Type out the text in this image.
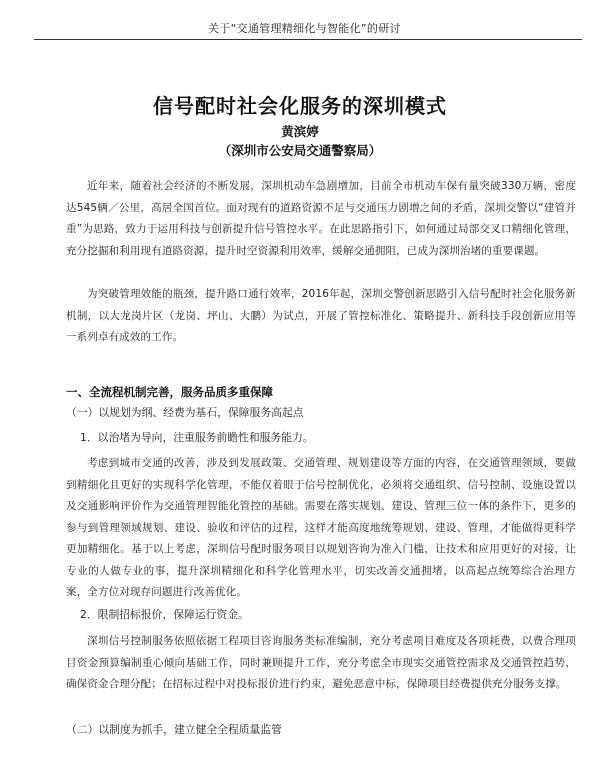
关于“交通管理精细化与智能化”的研讨
信号配时社会化服务的深圳模式
黄滨婷
（深圳市公安局交通警察局）

近年来，随着社会经济的不断发展，深圳机动车急剧增加，目前全市机动车保有量突破330万辆，密度达545辆／公里，高居全国首位。面对现有的道路资源不足与交通压力剧增之间的矛盾，深圳交警以“建管并重”为思路，致力于运用科技与创新提升信号管控水平。在此思路指引下，如何通过局部交叉口精细化管理，充分挖掘和利用现有道路资源，提升时空资源利用效率，缓解交通拥阻，已成为深圳治堵的重要课题。

为突破管理效能的瓶颈，提升路口通行效率，2016年起，深圳交警创新思路引入信号配时社会化服务新机制，以大龙岗片区（龙岗、坪山、大鹏）为试点，开展了管控标准化、策略提升、新科技手段创新应用等一系列卓有成效的工作。

一、全流程机制完善，服务品质多重保障
（一）以规划为纲、经费为基石，保障服务高起点
1．以治堵为导向，注重服务前瞻性和服务能力。

考虑到城市交通的改善，涉及到发展政策、交通管理、规划建设等方面的内容，在交通管理领域，要做到精细化且更好的实现科学化管理，不能仅着眼于信号控制优化，必须将交通组织、信号控制、设施设置以及交通影响评价作为交通管理智能化管控的基础。需要在落实规划、建设、管理三位一体的条件下，更多的参与到管理领域规划、建设、验收和评估的过程，这样才能高度地统筹规划、建设、管理，才能做得更科学更加精细化。基于以上考虑，深圳信号配时服务项目以规划咨询为准入门槛，让技术和应用更好的对接，让专业的人做专业的事，提升深圳精细化和科学化管理水平，切实改善交通拥堵，以高起点统筹综合治理方案，全方位对现存问题进行改善优化。

2．限制招标报价，保障运行资金。

深圳信号控制服务依照依据工程项目咨询服务类标准编制，充分考虑项目难度及各项耗费，以费合理项目资金预算编制重心倾向基础工作，同时兼顾提升工作，充分考虑全市现实交通管控需求及交通管控趋势，确保资金合理分配；在招标过程中对投标报价进行约束，避免恶意中标，保障项目经费提供充分服务支撑。

（二）以制度为抓手，建立健全全程质量监管
